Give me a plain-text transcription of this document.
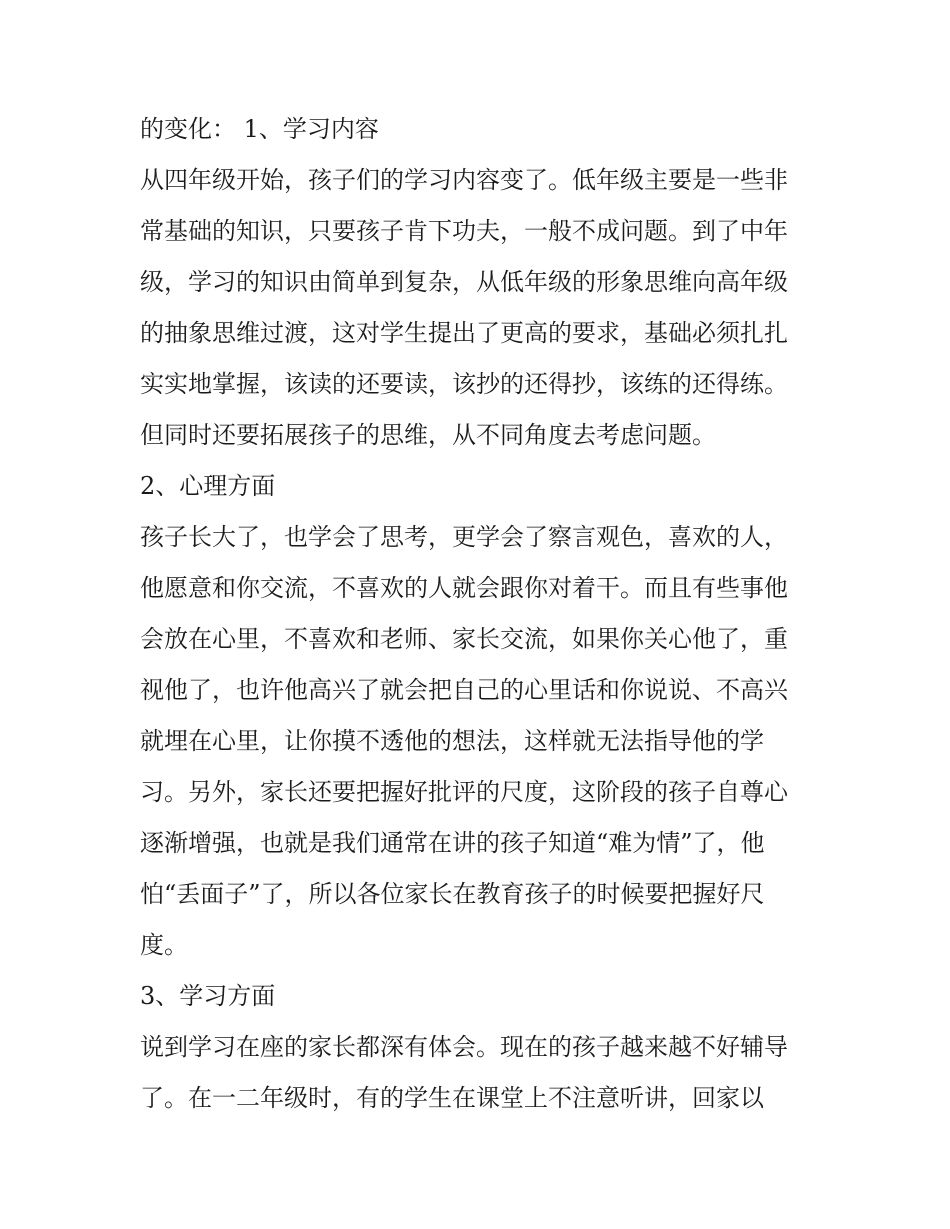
的变化： 1、学习内容
从四年级开始，孩子们的学习内容变了。低年级主要是一些非
常基础的知识，只要孩子肯下功夫，一般不成问题。到了中年
级，学习的知识由简单到复杂，从低年级的形象思维向高年级
的抽象思维过渡，这对学生提出了更高的要求，基础必须扎扎
实实地掌握，该读的还要读，该抄的还得抄，该练的还得练。
但同时还要拓展孩子的思维，从不同角度去考虑问题。
2、心理方面
孩子长大了，也学会了思考，更学会了察言观色，喜欢的人，
他愿意和你交流，不喜欢的人就会跟你对着干。而且有些事他
会放在心里，不喜欢和老师、家长交流，如果你关心他了，重
视他了，也许他高兴了就会把自己的心里话和你说说、不高兴
就埋在心里，让你摸不透他的想法，这样就无法指导他的学
习。另外，家长还要把握好批评的尺度，这阶段的孩子自尊心
逐渐增强，也就是我们通常在讲的孩子知道“难为情”了，他
怕“丢面子”了，所以各位家长在教育孩子的时候要把握好尺
度。
3、学习方面
说到学习在座的家长都深有体会。现在的孩子越来越不好辅导
了。在一二年级时，有的学生在课堂上不注意听讲，回家以
